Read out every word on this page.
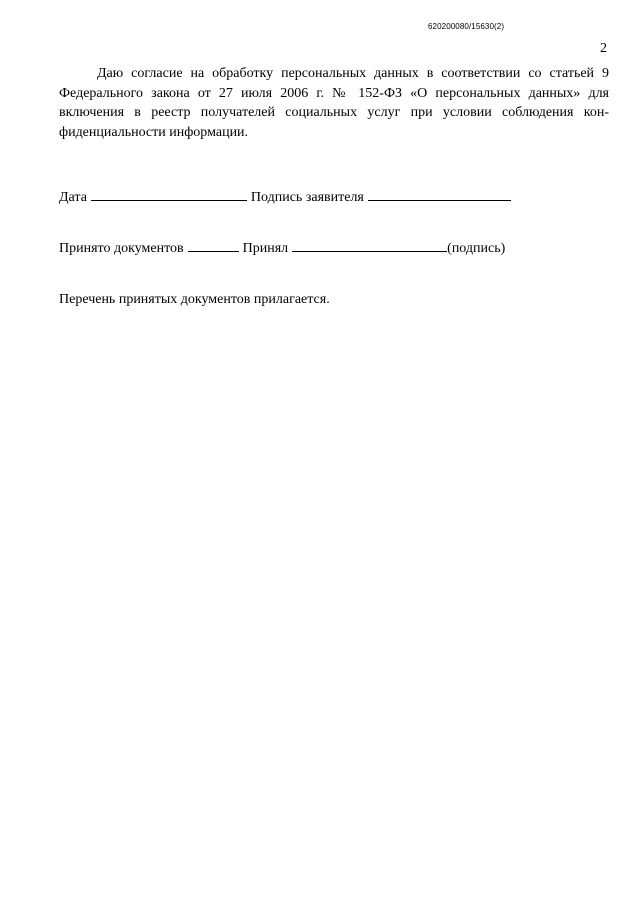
620200080/15630(2)
2

Даю согласие на обработку персональных данных в соответствии со статьей 9
Федерального закона от 27 июля 2006 г. № 152-ФЗ «О персональных данных» для
включения в реестр получателей социальных услуг при условии соблюдения кон-
фиденциальности информации.

Дата	Подпись заявителя
Принято документов	Принял	(подпись)
Перечень принятых документов прилагается.
